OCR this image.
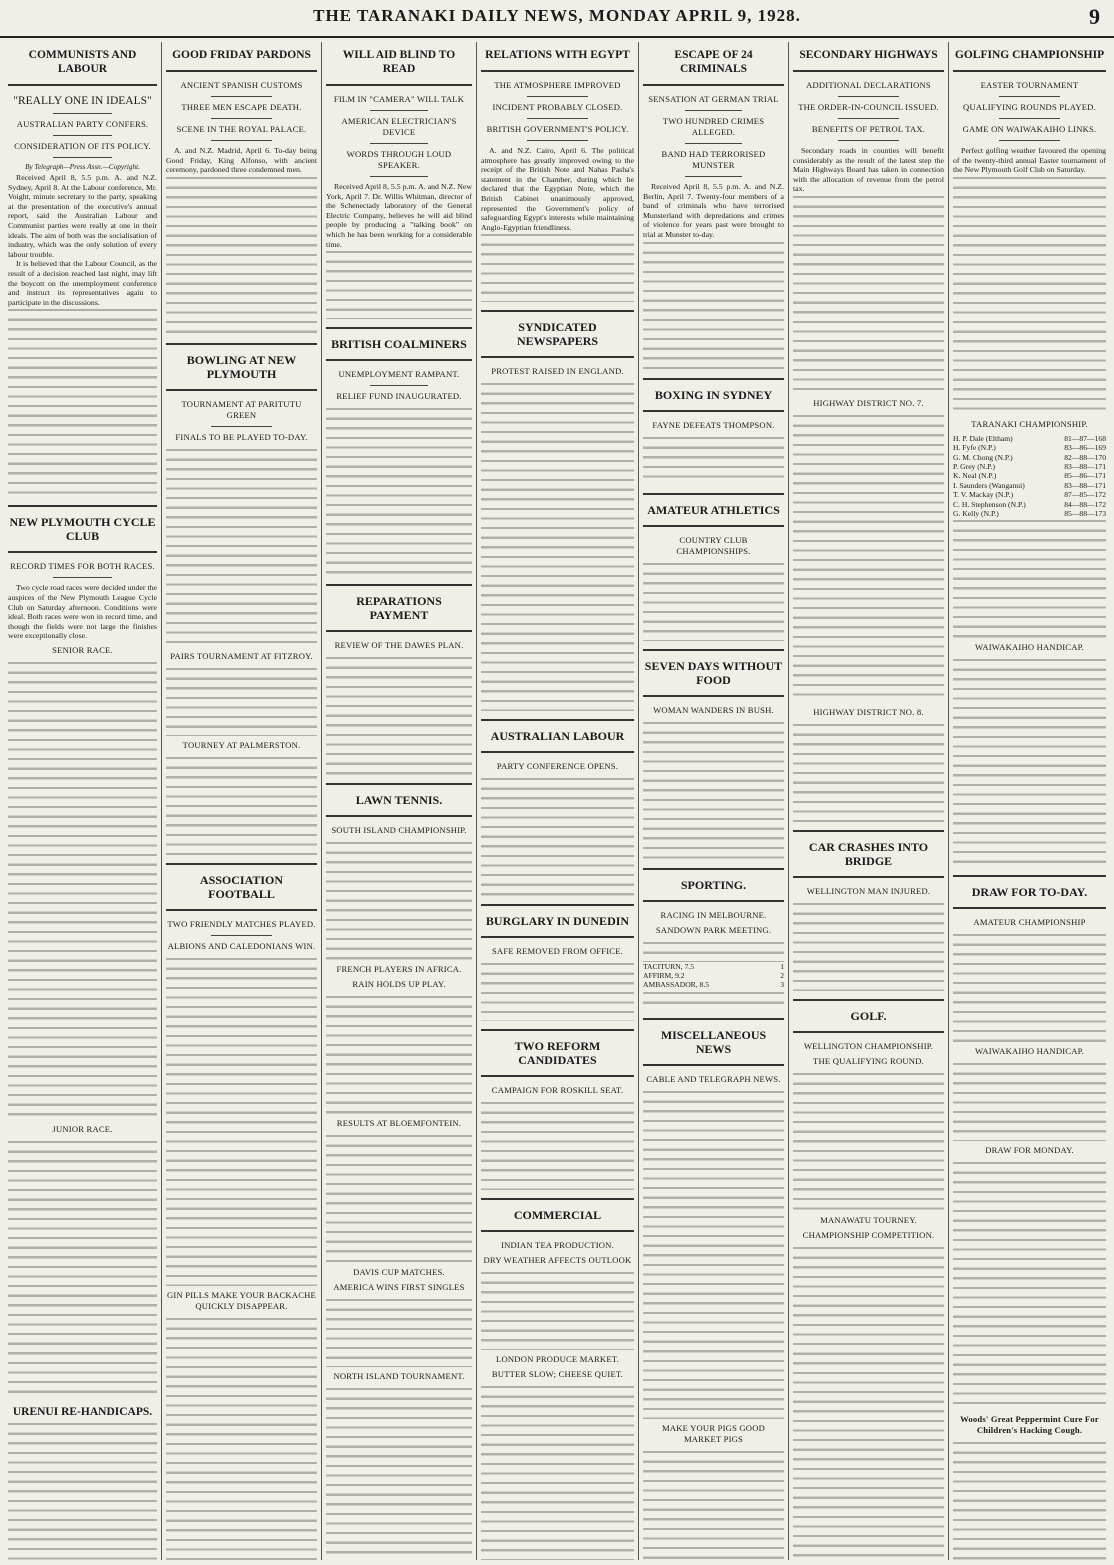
THE TARANAKI DAILY NEWS, MONDAY APRIL 9, 1928.	9
COMMUNISTS AND LABOUR
"REALLY ONE IN IDEALS"
AUSTRALIAN PARTY CONFERS.
CONSIDERATION OF ITS POLICY.
By Telegraph—Press Assn.—Copyright.

Received April 8, 5.5 p.m. A. and N.Z. Sydney, April 8. At the Labour conference, Mr. Voight, minute secretary to the party, speaking at the presentation of the executive's annual report, said the Australian Labour and Communist parties were really at one in their ideals. The aim of both was the socialisation of industry, which was the only solution of every labour trouble.

It is believed that the Labour Council, as the result of a decision reached last night, may lift the boycott on the unemployment conference and instruct its representatives again to participate in the discussions.

NEW PLYMOUTH CYCLE CLUB
RECORD TIMES FOR BOTH RACES.

Two cycle road races were decided under the auspices of the New Plymouth League Cycle Club on Saturday afternoon. Conditions were ideal. Both races were won in record time, and though the fields were not large the finishes were exceptionally close.

SENIOR RACE.
JUNIOR RACE.
URENUI RE-HANDICAPS.
GOOD FRIDAY PARDONS
ANCIENT SPANISH CUSTOMS
THREE MEN ESCAPE DEATH.
SCENE IN THE ROYAL PALACE.

A. and N.Z. Madrid, April 6. To-day being Good Friday, King Alfonso, with ancient ceremony, pardoned three condemned men.

BOWLING AT NEW PLYMOUTH
TOURNAMENT AT PARITUTU GREEN
FINALS TO BE PLAYED TO-DAY.
PAIRS TOURNAMENT AT FITZROY.
TOURNEY AT PALMERSTON.
ASSOCIATION FOOTBALL
TWO FRIENDLY MATCHES PLAYED.
ALBIONS AND CALEDONIANS WIN.
GIN PILLS MAKE YOUR BACKACHE QUICKLY DISAPPEAR.
WILL AID BLIND TO READ
FILM IN "CAMERA" WILL TALK
AMERICAN ELECTRICIAN'S DEVICE
WORDS THROUGH LOUD SPEAKER.

Received April 8, 5.5 p.m. A. and N.Z. New York, April 7. Dr. Willis Whitman, director of the Schenectady laboratory of the General Electric Company, believes he will aid blind people by producing a "talking book" on which he has been working for a considerable time.

BRITISH COALMINERS
UNEMPLOYMENT RAMPANT.
RELIEF FUND INAUGURATED.
REPARATIONS PAYMENT
REVIEW OF THE DAWES PLAN.
LAWN TENNIS.
SOUTH ISLAND CHAMPIONSHIP.
FRENCH PLAYERS IN AFRICA.
RAIN HOLDS UP PLAY.
RESULTS AT BLOEMFONTEIN.
DAVIS CUP MATCHES.
AMERICA WINS FIRST SINGLES
NORTH ISLAND TOURNAMENT.
RELATIONS WITH EGYPT
THE ATMOSPHERE IMPROVED
INCIDENT PROBABLY CLOSED.
BRITISH GOVERNMENT'S POLICY.

A. and N.Z. Cairo, April 6. The political atmosphere has greatly improved owing to the receipt of the British Note and Nahas Pasha's statement in the Chamber, during which he declared that the Egyptian Note, which the British Cabinet unanimously approved, represented the Government's policy of safeguarding Egypt's interests while maintaining Anglo-Egyptian friendliness.

SYNDICATED NEWSPAPERS
PROTEST RAISED IN ENGLAND.
AUSTRALIAN LABOUR
PARTY CONFERENCE OPENS.
BURGLARY IN DUNEDIN
SAFE REMOVED FROM OFFICE.
TWO REFORM CANDIDATES
CAMPAIGN FOR ROSKILL SEAT.
COMMERCIAL
INDIAN TEA PRODUCTION.
DRY WEATHER AFFECTS OUTLOOK
LONDON PRODUCE MARKET.
BUTTER SLOW; CHEESE QUIET.
ESCAPE OF 24 CRIMINALS
SENSATION AT GERMAN TRIAL
TWO HUNDRED CRIMES ALLEGED.
BAND HAD TERRORISED MUNSTER

Received April 8, 5.5 p.m. A. and N.Z. Berlin, April 7. Twenty-four members of a band of criminals who have terrorised Munsterland with depredations and crimes of violence for years past were brought to trial at Munster to-day.

BOXING IN SYDNEY
FAYNE DEFEATS THOMPSON.
AMATEUR ATHLETICS
COUNTRY CLUB CHAMPIONSHIPS.
SEVEN DAYS WITHOUT FOOD
WOMAN WANDERS IN BUSH.
SPORTING.
RACING IN MELBOURNE.
SANDOWN PARK MEETING.
TACITURN, 7.5	1
AFFIRM, 9.2	2
AMBASSADOR, 8.5	3
MISCELLANEOUS NEWS
CABLE AND TELEGRAPH NEWS.
MAKE YOUR PIGS GOOD MARKET PIGS
SECONDARY HIGHWAYS
ADDITIONAL DECLARATIONS
THE ORDER-IN-COUNCIL ISSUED.
BENEFITS OF PETROL TAX.

Secondary roads in counties will benefit considerably as the result of the latest step the Main Highways Board has taken in connection with the allocation of revenue from the petrol tax.

HIGHWAY DISTRICT NO. 7.
HIGHWAY DISTRICT NO. 8.
CAR CRASHES INTO BRIDGE
WELLINGTON MAN INJURED.
GOLF.
WELLINGTON CHAMPIONSHIP.
THE QUALIFYING ROUND.
MANAWATU TOURNEY.
CHAMPIONSHIP COMPETITION.
GOLFING CHAMPIONSHIP
EASTER TOURNAMENT
QUALIFYING ROUNDS PLAYED.
GAME ON WAIWAKAIHO LINKS.

Perfect golfing weather favoured the opening of the twenty-third annual Easter tournament of the New Plymouth Golf Club on Saturday.

TARANAKI CHAMPIONSHIP.
H. P. Dale (Eltham)	81—87—168
H. Fyfe (N.P.)	83—86—169
G. M. Chong (N.P.)	82—88—170
P. Grey (N.P.)	83—88—171
K. Neal (N.P.)	85—86—171
I. Saunders (Wanganui)	83—88—171
T. V. Mackay (N.P.)	87—85—172
C. H. Stephenson (N.P.)	84—88—172
G. Kelly (N.P.)	85—88—173
WAIWAKAIHO HANDICAP.
DRAW FOR TO-DAY.
AMATEUR CHAMPIONSHIP
WAIWAKAIHO HANDICAP.
DRAW FOR MONDAY.
Woods' Great Peppermint Cure For Children's Hacking Cough.
